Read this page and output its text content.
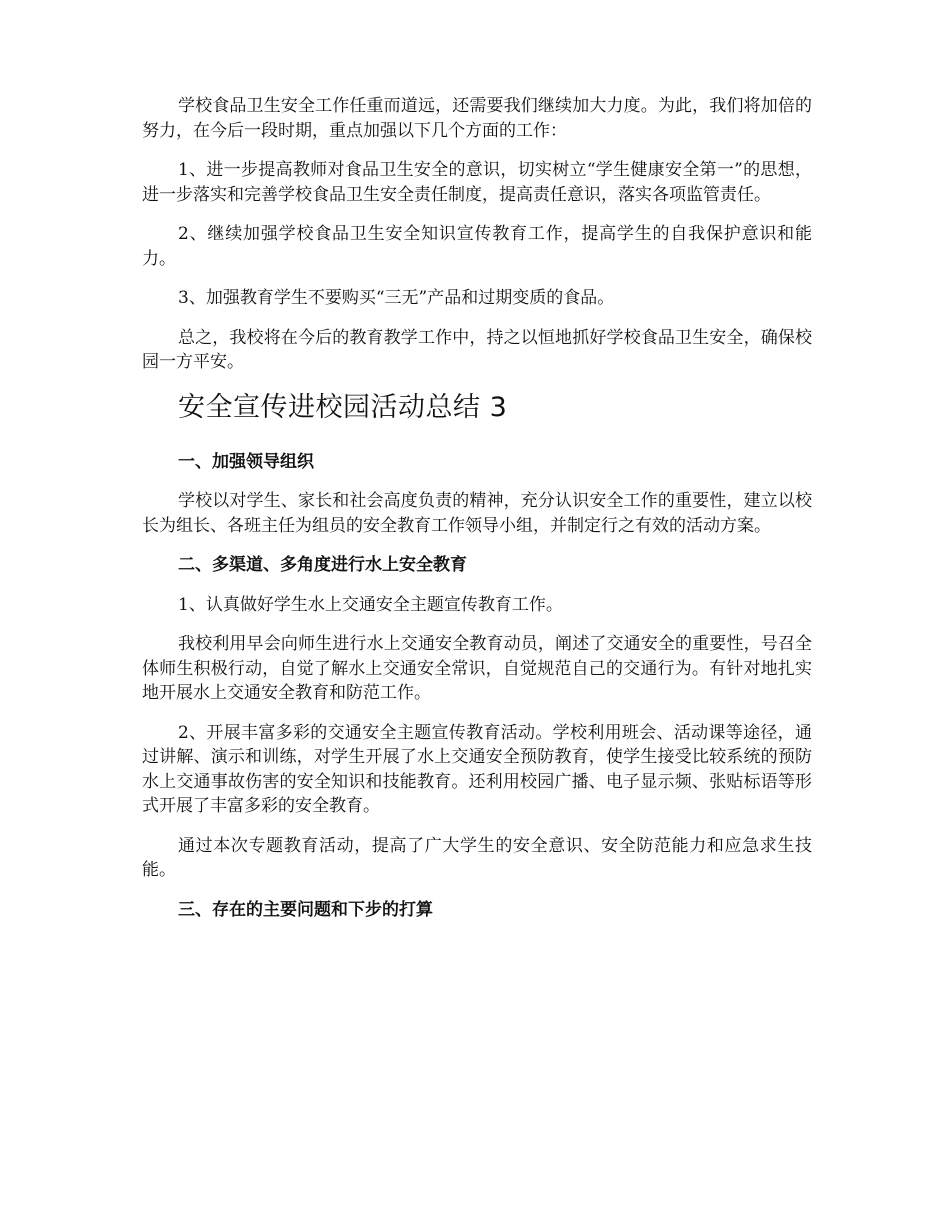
学校食品卫生安全工作任重而道远，还需要我们继续加大力度。为此，我们将加倍的努力，在今后一段时期，重点加强以下几个方面的工作：

1、进一步提高教师对食品卫生安全的意识，切实树立“学生健康安全第一”的思想，进一步落实和完善学校食品卫生安全责任制度，提高责任意识，落实各项监管责任。

2、继续加强学校食品卫生安全知识宣传教育工作，提高学生的自我保护意识和能力。

3、加强教育学生不要购买“三无”产品和过期变质的食品。

总之，我校将在今后的教育教学工作中，持之以恒地抓好学校食品卫生安全，确保校园一方平安。

安全宣传进校园活动总结 3
一、加强领导组织

学校以对学生、家长和社会高度负责的精神，充分认识安全工作的重要性，建立以校长为组长、各班主任为组员的安全教育工作领导小组，并制定行之有效的活动方案。

二、多渠道、多角度进行水上安全教育

1、认真做好学生水上交通安全主题宣传教育工作。

我校利用早会向师生进行水上交通安全教育动员，阐述了交通安全的重要性，号召全体师生积极行动，自觉了解水上交通安全常识，自觉规范自己的交通行为。有针对地扎实地开展水上交通安全教育和防范工作。

2、开展丰富多彩的交通安全主题宣传教育活动。学校利用班会、活动课等途径，通过讲解、演示和训练，对学生开展了水上交通安全预防教育，使学生接受比较系统的预防水上交通事故伤害的安全知识和技能教育。还利用校园广播、电子显示频、张贴标语等形式开展了丰富多彩的安全教育。

通过本次专题教育活动，提高了广大学生的安全意识、安全防范能力和应急求生技能。

三、存在的主要问题和下步的打算
